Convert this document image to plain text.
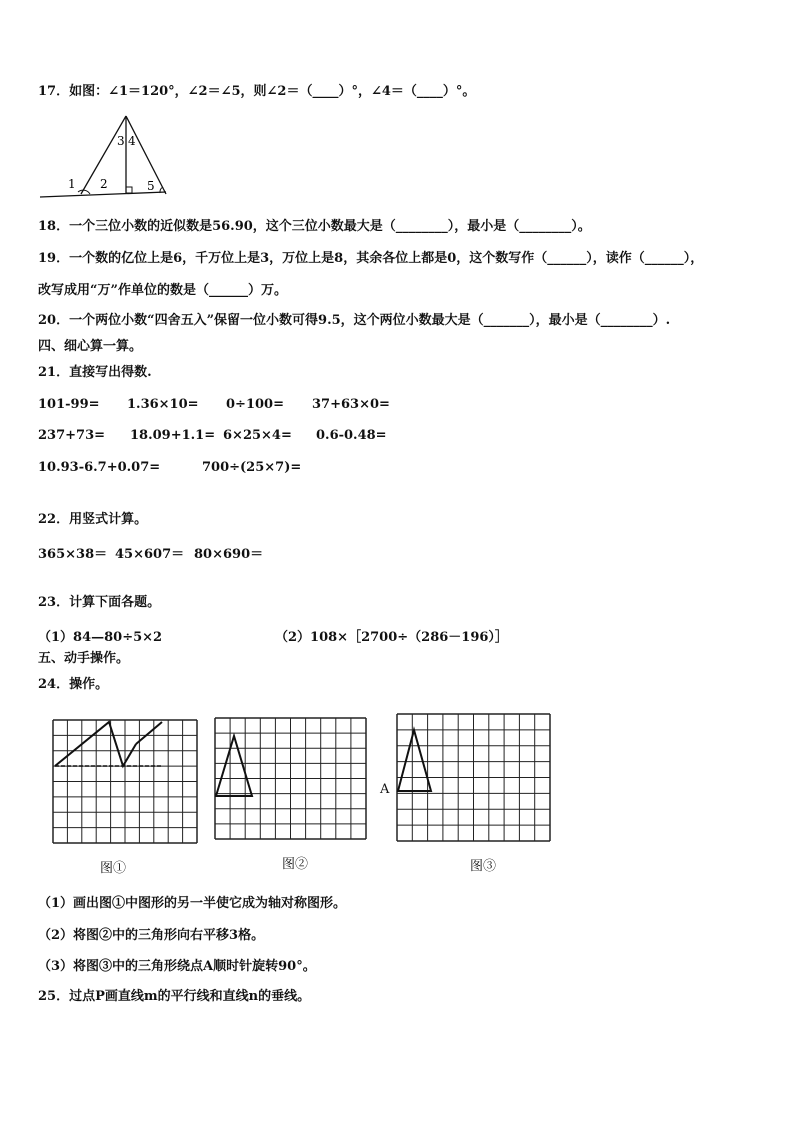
17．如图：∠1＝120°，∠2＝∠5，则∠2＝（____）°，∠4＝（____）°。
1 2
3 4
5
18．一个三位小数的近似数是56.90，这个三位小数最大是（________），最小是（________）。
19．一个数的亿位上是6，千万位上是3，万位上是8，其余各位上都是0，这个数写作（______），读作（______），
改写成用“万”作单位的数是（______）万。
20．一个两位小数“四舍五入”保留一位小数可得9.5，这个两位小数最大是（_______），最小是（________）.
四、细心算一算。
21．直接写出得数.
101-99= 1.36×10= 0÷100= 37+63×0=
237+73= 18.09+1.1= 6×25×4= 0.6-0.48=
10.93-6.7+0.07=	700÷(25×7)=
22．用竖式计算。
365×38＝ 45×607＝ 80×690＝
23．计算下面各题。
（1）84—80÷5×2	（2）108×［2700÷（286－196）］
五、动手操作。
24．操作。
图①	图②
A
图③
（1）画出图①中图形的另一半使它成为轴对称图形。
（2）将图②中的三角形向右平移3格。
（3）将图③中的三角形绕点A顺时针旋转90°。
25．过点P画直线m的平行线和直线n的垂线。
